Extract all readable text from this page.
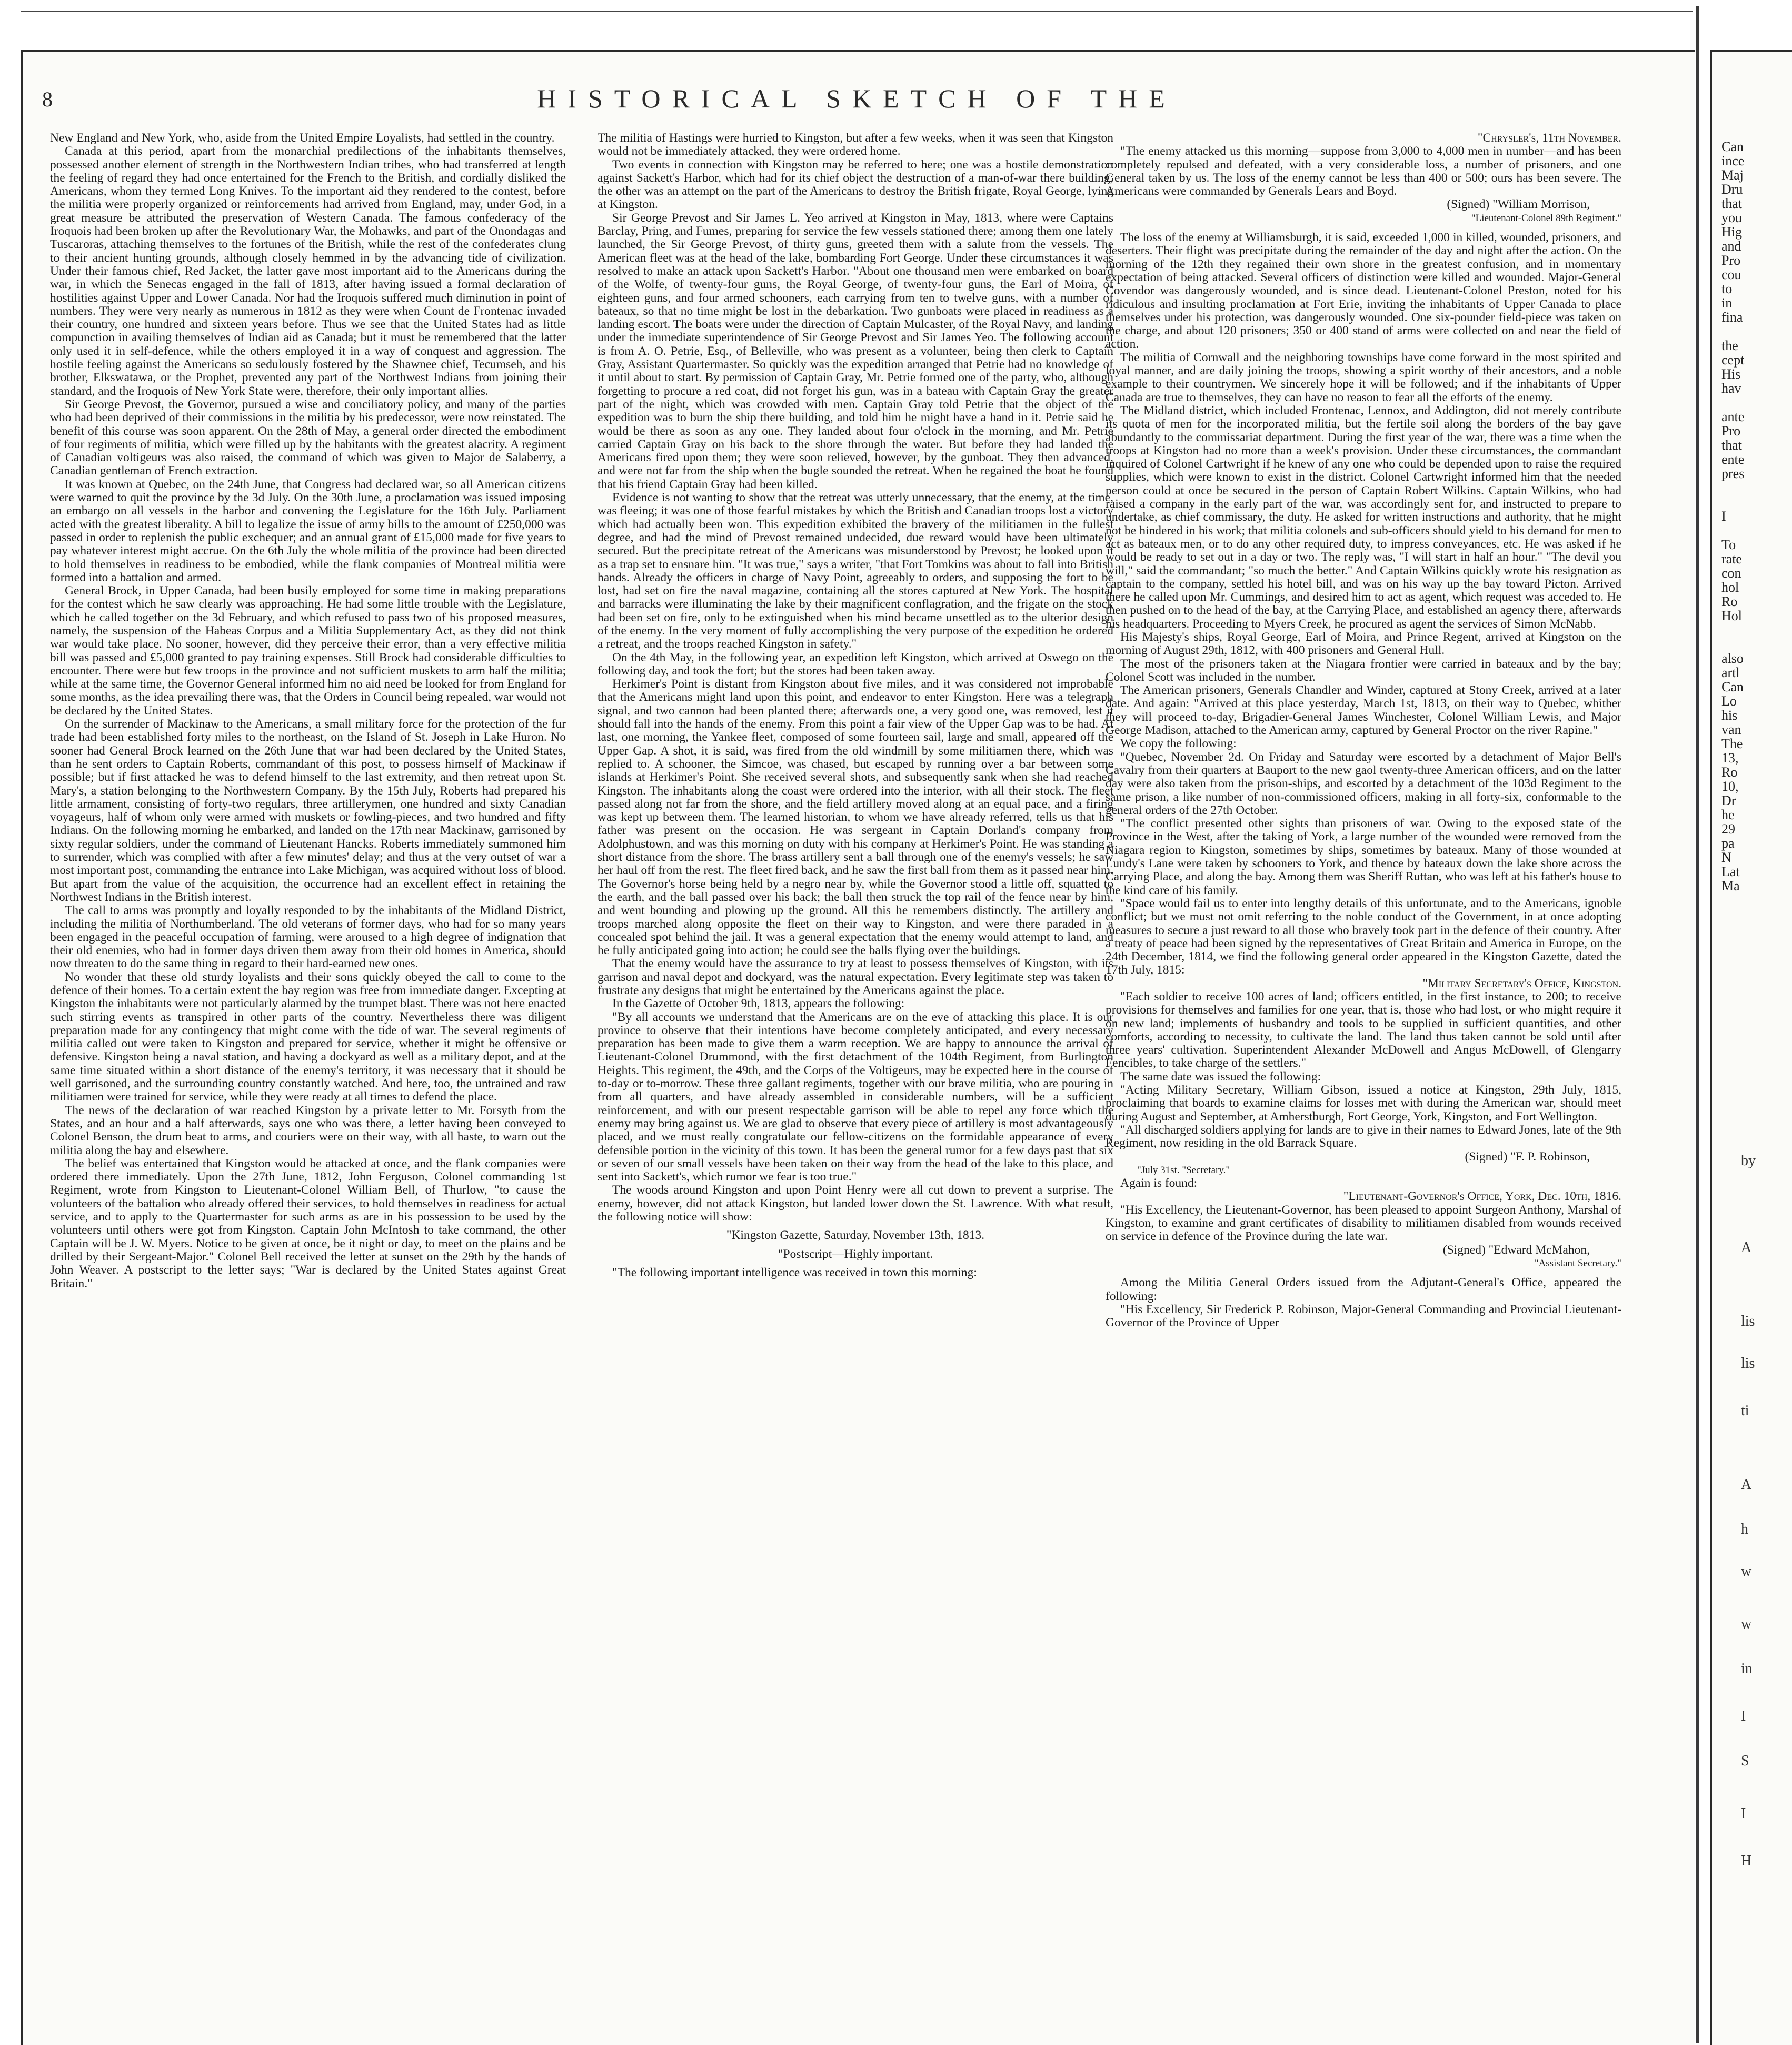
8	HISTORICAL SKETCH OF THE

New England and New York, who, aside from the United Empire Loyalists, had settled in the country.

Canada at this period, apart from the monarchial predilections of the inhabitants themselves, possessed another element of strength in the Northwestern Indian tribes, who had transferred at length the feeling of regard they had once entertained for the French to the British, and cordially disliked the Americans, whom they termed Long Knives. To the important aid they rendered to the contest, before the militia were properly organized or reinforcements had arrived from England, may, under God, in a great measure be attributed the preservation of Western Canada. The famous confederacy of the Iroquois had been broken up after the Revolutionary War, the Mohawks, and part of the Onondagas and Tuscaroras, attaching themselves to the fortunes of the British, while the rest of the confederates clung to their ancient hunting grounds, although closely hemmed in by the advancing tide of civilization. Under their famous chief, Red Jacket, the latter gave most important aid to the Americans during the war, in which the Senecas engaged in the fall of 1813, after having issued a formal declaration of hostilities against Upper and Lower Canada. Nor had the Iroquois suffered much diminution in point of numbers. They were very nearly as numerous in 1812 as they were when Count de Frontenac invaded their country, one hundred and sixteen years before. Thus we see that the United States had as little compunction in availing themselves of Indian aid as Canada; but it must be remembered that the latter only used it in self-defence, while the others employed it in a way of conquest and aggression. The hostile feeling against the Americans so sedulously fostered by the Shawnee chief, Tecumseh, and his brother, Elkswatawa, or the Prophet, prevented any part of the Northwest Indians from joining their standard, and the Iroquois of New York State were, therefore, their only important allies.

Sir George Prevost, the Governor, pursued a wise and conciliatory policy, and many of the parties who had been deprived of their commissions in the militia by his predecessor, were now reinstated. The benefit of this course was soon apparent. On the 28th of May, a general order directed the embodiment of four regiments of militia, which were filled up by the habitants with the greatest alacrity. A regiment of Canadian voltigeurs was also raised, the command of which was given to Major de Salaberry, a Canadian gentleman of French extraction.

It was known at Quebec, on the 24th June, that Congress had declared war, so all American citizens were warned to quit the province by the 3d July. On the 30th June, a proclamation was issued imposing an embargo on all vessels in the harbor and convening the Legislature for the 16th July. Parliament acted with the greatest liberality. A bill to legalize the issue of army bills to the amount of £250,000 was passed in order to replenish the public exchequer; and an annual grant of £15,000 made for five years to pay whatever interest might accrue. On the 6th July the whole militia of the province had been directed to hold themselves in readiness to be embodied, while the flank companies of Montreal militia were formed into a battalion and armed.

General Brock, in Upper Canada, had been busily employed for some time in making preparations for the contest which he saw clearly was approaching. He had some little trouble with the Legislature, which he called together on the 3d February, and which refused to pass two of his proposed measures, namely, the suspension of the Habeas Corpus and a Militia Supplementary Act, as they did not think war would take place. No sooner, however, did they perceive their error, than a very effective militia bill was passed and £5,000 granted to pay training expenses. Still Brock had considerable difficulties to encounter. There were but few troops in the province and not sufficient muskets to arm half the militia; while at the same time, the Governor General informed him no aid need be looked for from England for some months, as the idea prevailing there was, that the Orders in Council being repealed, war would not be declared by the United States.

On the surrender of Mackinaw to the Americans, a small military force for the protection of the fur trade had been established forty miles to the northeast, on the Island of St. Joseph in Lake Huron. No sooner had General Brock learned on the 26th June that war had been declared by the United States, than he sent orders to Captain Roberts, commandant of this post, to possess himself of Mackinaw if possible; but if first attacked he was to defend himself to the last extremity, and then retreat upon St. Mary's, a station belonging to the Northwestern Company. By the 15th July, Roberts had prepared his little armament, consisting of forty-two regulars, three artillerymen, one hundred and sixty Canadian voyageurs, half of whom only were armed with muskets or fowling-pieces, and two hundred and fifty Indians. On the following morning he embarked, and landed on the 17th near Mackinaw, garrisoned by sixty regular soldiers, under the command of Lieutenant Hancks. Roberts immediately summoned him to surrender, which was complied with after a few minutes' delay; and thus at the very outset of war a most important post, commanding the entrance into Lake Michigan, was acquired without loss of blood. But apart from the value of the acquisition, the occurrence had an excellent effect in retaining the Northwest Indians in the British interest.

The call to arms was promptly and loyally responded to by the inhabitants of the Midland District, including the militia of Northumberland. The old veterans of former days, who had for so many years been engaged in the peaceful occupation of farming, were aroused to a high degree of indignation that their old enemies, who had in former days driven them away from their old homes in America, should now threaten to do the same thing in regard to their hard-earned new ones.

No wonder that these old sturdy loyalists and their sons quickly obeyed the call to come to the defence of their homes. To a certain extent the bay region was free from immediate danger. Excepting at Kingston the inhabitants were not particularly alarmed by the trumpet blast. There was not here enacted such stirring events as transpired in other parts of the country. Nevertheless there was diligent preparation made for any contingency that might come with the tide of war. The several regiments of militia called out were taken to Kingston and prepared for service, whether it might be offensive or defensive. Kingston being a naval station, and having a dockyard as well as a military depot, and at the same time situated within a short distance of the enemy's territory, it was necessary that it should be well garrisoned, and the surrounding country constantly watched. And here, too, the untrained and raw militiamen were trained for service, while they were ready at all times to defend the place.

The news of the declaration of war reached Kingston by a private letter to Mr. Forsyth from the States, and an hour and a half afterwards, says one who was there, a letter having been conveyed to Colonel Benson, the drum beat to arms, and couriers were on their way, with all haste, to warn out the militia along the bay and elsewhere.

The belief was entertained that Kingston would be attacked at once, and the flank companies were ordered there immediately. Upon the 27th June, 1812, John Ferguson, Colonel commanding 1st Regiment, wrote from Kingston to Lieutenant-Colonel William Bell, of Thurlow, "to cause the volunteers of the battalion who already offered their services, to hold themselves in readiness for actual service, and to apply to the Quartermaster for such arms as are in his possession to be used by the volunteers until others were got from Kingston. Captain John McIntosh to take command, the other Captain will be J. W. Myers. Notice to be given at once, be it night or day, to meet on the plains and be drilled by their Sergeant-Major." Colonel Bell received the letter at sunset on the 29th by the hands of John Weaver. A postscript to the letter says; "War is declared by the United States against Great Britain."

The militia of Hastings were hurried to Kingston, but after a few weeks, when it was seen that Kingston would not be immediately attacked, they were ordered home.

Two events in connection with Kingston may be referred to here; one was a hostile demonstration against Sackett's Harbor, which had for its chief object the destruction of a man-of-war there building; the other was an attempt on the part of the Americans to destroy the British frigate, Royal George, lying at Kingston.

Sir George Prevost and Sir James L. Yeo arrived at Kingston in May, 1813, where were Captains Barclay, Pring, and Fumes, preparing for service the few vessels stationed there; among them one lately launched, the Sir George Prevost, of thirty guns, greeted them with a salute from the vessels. The American fleet was at the head of the lake, bombarding Fort George. Under these circumstances it was resolved to make an attack upon Sackett's Harbor. "About one thousand men were embarked on board of the Wolfe, of twenty-four guns, the Royal George, of twenty-four guns, the Earl of Moira, of eighteen guns, and four armed schooners, each carrying from ten to twelve guns, with a number of bateaux, so that no time might be lost in the debarkation. Two gunboats were placed in readiness as a landing escort. The boats were under the direction of Captain Mulcaster, of the Royal Navy, and landing under the immediate superintendence of Sir George Prevost and Sir James Yeo. The following account is from A. O. Petrie, Esq., of Belleville, who was present as a volunteer, being then clerk to Captain Gray, Assistant Quartermaster. So quickly was the expedition arranged that Petrie had no knowledge of it until about to start. By permission of Captain Gray, Mr. Petrie formed one of the party, who, although forgetting to procure a red coat, did not forget his gun, was in a bateau with Captain Gray the greater part of the night, which was crowded with men. Captain Gray told Petrie that the object of the expedition was to burn the ship there building, and told him he might have a hand in it. Petrie said he would be there as soon as any one. They landed about four o'clock in the morning, and Mr. Petrie carried Captain Gray on his back to the shore through the water. But before they had landed the Americans fired upon them; they were soon relieved, however, by the gunboat. They then advanced, and were not far from the ship when the bugle sounded the retreat. When he regained the boat he found that his friend Captain Gray had been killed.

Evidence is not wanting to show that the retreat was utterly unnecessary, that the enemy, at the time, was fleeing; it was one of those fearful mistakes by which the British and Canadian troops lost a victory which had actually been won. This expedition exhibited the bravery of the militiamen in the fullest degree, and had the mind of Prevost remained undecided, due reward would have been ultimately secured. But the precipitate retreat of the Americans was misunderstood by Prevost; he looked upon it as a trap set to ensnare him. "It was true," says a writer, "that Fort Tomkins was about to fall into British hands. Already the officers in charge of Navy Point, agreeably to orders, and supposing the fort to be lost, had set on fire the naval magazine, containing all the stores captured at New York. The hospital and barracks were illuminating the lake by their magnificent conflagration, and the frigate on the stock had been set on fire, only to be extinguished when his mind became unsettled as to the ulterior design of the enemy. In the very moment of fully accomplishing the very purpose of the expedition he ordered a retreat, and the troops reached Kingston in safety."

On the 4th May, in the following year, an expedition left Kingston, which arrived at Oswego on the following day, and took the fort; but the stores had been taken away.

Herkimer's Point is distant from Kingston about five miles, and it was considered not improbable that the Americans might land upon this point, and endeavor to enter Kingston. Here was a telegraph signal, and two cannon had been planted there; afterwards one, a very good one, was removed, lest it should fall into the hands of the enemy. From this point a fair view of the Upper Gap was to be had. At last, one morning, the Yankee fleet, composed of some fourteen sail, large and small, appeared off the Upper Gap. A shot, it is said, was fired from the old windmill by some militiamen there, which was replied to. A schooner, the Simcoe, was chased, but escaped by running over a bar between some islands at Herkimer's Point. She received several shots, and subsequently sank when she had reached Kingston. The inhabitants along the coast were ordered into the interior, with all their stock. The fleet passed along not far from the shore, and the field artillery moved along at an equal pace, and a firing was kept up between them. The learned historian, to whom we have already referred, tells us that his father was present on the occasion. He was sergeant in Captain Dorland's company from Adolphustown, and was this morning on duty with his company at Herkimer's Point. He was standing a short distance from the shore. The brass artillery sent a ball through one of the enemy's vessels; he saw her haul off from the rest. The fleet fired back, and he saw the first ball from them as it passed near him. The Governor's horse being held by a negro near by, while the Governor stood a little off, squatted to the earth, and the ball passed over his back; the ball then struck the top rail of the fence near by him, and went bounding and plowing up the ground. All this he remembers distinctly. The artillery and troops marched along opposite the fleet on their way to Kingston, and were there paraded in a concealed spot behind the jail. It was a general expectation that the enemy would attempt to land, and he fully anticipated going into action; he could see the balls flying over the buildings.

That the enemy would have the assurance to try at least to possess themselves of Kingston, with its garrison and naval depot and dockyard, was the natural expectation. Every legitimate step was taken to frustrate any designs that might be entertained by the Americans against the place.

In the Gazette of October 9th, 1813, appears the following:

"By all accounts we understand that the Americans are on the eve of attacking this place. It is our province to observe that their intentions have become completely anticipated, and every necessary preparation has been made to give them a warm reception. We are happy to announce the arrival of Lieutenant-Colonel Drummond, with the first detachment of the 104th Regiment, from Burlington Heights. This regiment, the 49th, and the Corps of the Voltigeurs, may be expected here in the course of to-day or to-morrow. These three gallant regiments, together with our brave militia, who are pouring in from all quarters, and have already assembled in considerable numbers, will be a sufficient reinforcement, and with our present respectable garrison will be able to repel any force which the enemy may bring against us. We are glad to observe that every piece of artillery is most advantageously placed, and we must really congratulate our fellow-citizens on the formidable appearance of every defensible portion in the vicinity of this town. It has been the general rumor for a few days past that six or seven of our small vessels have been taken on their way from the head of the lake to this place, and sent into Sackett's, which rumor we fear is too true."

The woods around Kingston and upon Point Henry were all cut down to prevent a surprise. The enemy, however, did not attack Kingston, but landed lower down the St. Lawrence. With what result, the following notice will show:

"Kingston Gazette, Saturday, November 13th, 1813.

"Postscript—Highly important.

"The following important intelligence was received in town this morning:

"Chrysler's, 11th November.

"The enemy attacked us this morning—suppose from 3,000 to 4,000 men in number—and has been completely repulsed and defeated, with a very considerable loss, a number of prisoners, and one General taken by us. The loss of the enemy cannot be less than 400 or 500; ours has been severe. The Americans were commanded by Generals Lears and Boyd.

(Signed) "William Morrison,

"Lieutenant-Colonel 89th Regiment."

The loss of the enemy at Williamsburgh, it is said, exceeded 1,000 in killed, wounded, prisoners, and deserters. Their flight was precipitate during the remainder of the day and night after the action. On the morning of the 12th they regained their own shore in the greatest confusion, and in momentary expectation of being attacked. Several officers of distinction were killed and wounded. Major-General Covendor was dangerously wounded, and is since dead. Lieutenant-Colonel Preston, noted for his ridiculous and insulting proclamation at Fort Erie, inviting the inhabitants of Upper Canada to place themselves under his protection, was dangerously wounded. One six-pounder field-piece was taken on the charge, and about 120 prisoners; 350 or 400 stand of arms were collected on and near the field of action.

The militia of Cornwall and the neighboring townships have come forward in the most spirited and loyal manner, and are daily joining the troops, showing a spirit worthy of their ancestors, and a noble example to their countrymen. We sincerely hope it will be followed; and if the inhabitants of Upper Canada are true to themselves, they can have no reason to fear all the efforts of the enemy.

The Midland district, which included Frontenac, Lennox, and Addington, did not merely contribute its quota of men for the incorporated militia, but the fertile soil along the borders of the bay gave abundantly to the commissariat department. During the first year of the war, there was a time when the troops at Kingston had no more than a week's provision. Under these circumstances, the commandant inquired of Colonel Cartwright if he knew of any one who could be depended upon to raise the required supplies, which were known to exist in the district. Colonel Cartwright informed him that the needed person could at once be secured in the person of Captain Robert Wilkins. Captain Wilkins, who had raised a company in the early part of the war, was accordingly sent for, and instructed to prepare to undertake, as chief commissary, the duty. He asked for written instructions and authority, that he might not be hindered in his work; that militia colonels and sub-officers should yield to his demand for men to act as bateaux men, or to do any other required duty, to impress conveyances, etc. He was asked if he would be ready to set out in a day or two. The reply was, "I will start in half an hour." "The devil you will," said the commandant; "so much the better." And Captain Wilkins quickly wrote his resignation as captain to the company, settled his hotel bill, and was on his way up the bay toward Picton. Arrived there he called upon Mr. Cummings, and desired him to act as agent, which request was acceded to. He then pushed on to the head of the bay, at the Carrying Place, and established an agency there, afterwards his headquarters. Proceeding to Myers Creek, he procured as agent the services of Simon McNabb.

His Majesty's ships, Royal George, Earl of Moira, and Prince Regent, arrived at Kingston on the morning of August 29th, 1812, with 400 prisoners and General Hull.

The most of the prisoners taken at the Niagara frontier were carried in bateaux and by the bay; Colonel Scott was included in the number.

The American prisoners, Generals Chandler and Winder, captured at Stony Creek, arrived at a later date. And again: "Arrived at this place yesterday, March 1st, 1813, on their way to Quebec, whither they will proceed to-day, Brigadier-General James Winchester, Colonel William Lewis, and Major George Madison, attached to the American army, captured by General Proctor on the river Rapine."

We copy the following:

"Quebec, November 2d. On Friday and Saturday were escorted by a detachment of Major Bell's Cavalry from their quarters at Bauport to the new gaol twenty-three American officers, and on the latter day were also taken from the prison-ships, and escorted by a detachment of the 103d Regiment to the same prison, a like number of non-commissioned officers, making in all forty-six, conformable to the general orders of the 27th October.

"The conflict presented other sights than prisoners of war. Owing to the exposed state of the Province in the West, after the taking of York, a large number of the wounded were removed from the Niagara region to Kingston, sometimes by ships, sometimes by bateaux. Many of those wounded at Lundy's Lane were taken by schooners to York, and thence by bateaux down the lake shore across the Carrying Place, and along the bay. Among them was Sheriff Ruttan, who was left at his father's house to the kind care of his family.

"Space would fail us to enter into lengthy details of this unfortunate, and to the Americans, ignoble conflict; but we must not omit referring to the noble conduct of the Government, in at once adopting measures to secure a just reward to all those who bravely took part in the defence of their country. After a treaty of peace had been signed by the representatives of Great Britain and America in Europe, on the 24th December, 1814, we find the following general order appeared in the Kingston Gazette, dated the 17th July, 1815:

"Military Secretary's Office, Kingston.

"Each soldier to receive 100 acres of land; officers entitled, in the first instance, to 200; to receive provisions for themselves and families for one year, that is, those who had lost, or who might require it on new land; implements of husbandry and tools to be supplied in sufficient quantities, and other comforts, according to necessity, to cultivate the land. The land thus taken cannot be sold until after three years' cultivation. Superintendent Alexander McDowell and Angus McDowell, of Glengarry Fencibles, to take charge of the settlers."

The same date was issued the following:

"Acting Military Secretary, William Gibson, issued a notice at Kingston, 29th July, 1815, proclaiming that boards to examine claims for losses met with during the American war, should meet during August and September, at Amherstburgh, Fort George, York, Kingston, and Fort Wellington.

"All discharged soldiers applying for lands are to give in their names to Edward Jones, late of the 9th Regiment, now residing in the old Barrack Square.

(Signed) "F. P. Robinson,

"July 31st. "Secretary."

Again is found:

"Lieutenant-Governor's Office, York, Dec. 10th, 1816.

"His Excellency, the Lieutenant-Governor, has been pleased to appoint Surgeon Anthony, Marshal of Kingston, to examine and grant certificates of disability to militiamen disabled from wounds received on service in defence of the Province during the late war.

(Signed) "Edward McMahon,

"Assistant Secretary."

Among the Militia General Orders issued from the Adjutant-General's Office, appeared the following:

"His Excellency, Sir Frederick P. Robinson, Major-General Commanding and Provincial Lieutenant-Governor of the Province of Upper

Can
ince
Maj
Dru
that
you
Hig
and
Pro
cou
to
in
fina
the
cept
His
hav
ante
Pro
that
ente
pres
I
To
rate
con
hol
Ro
Hol
also
artl
Can
Lo
his
van
The
13,
Ro
10,
Dr
he
29
pa
N
Lat
Ma
by
A
lis
lis
ti
A
h
w
w
in
I
S
I
H
